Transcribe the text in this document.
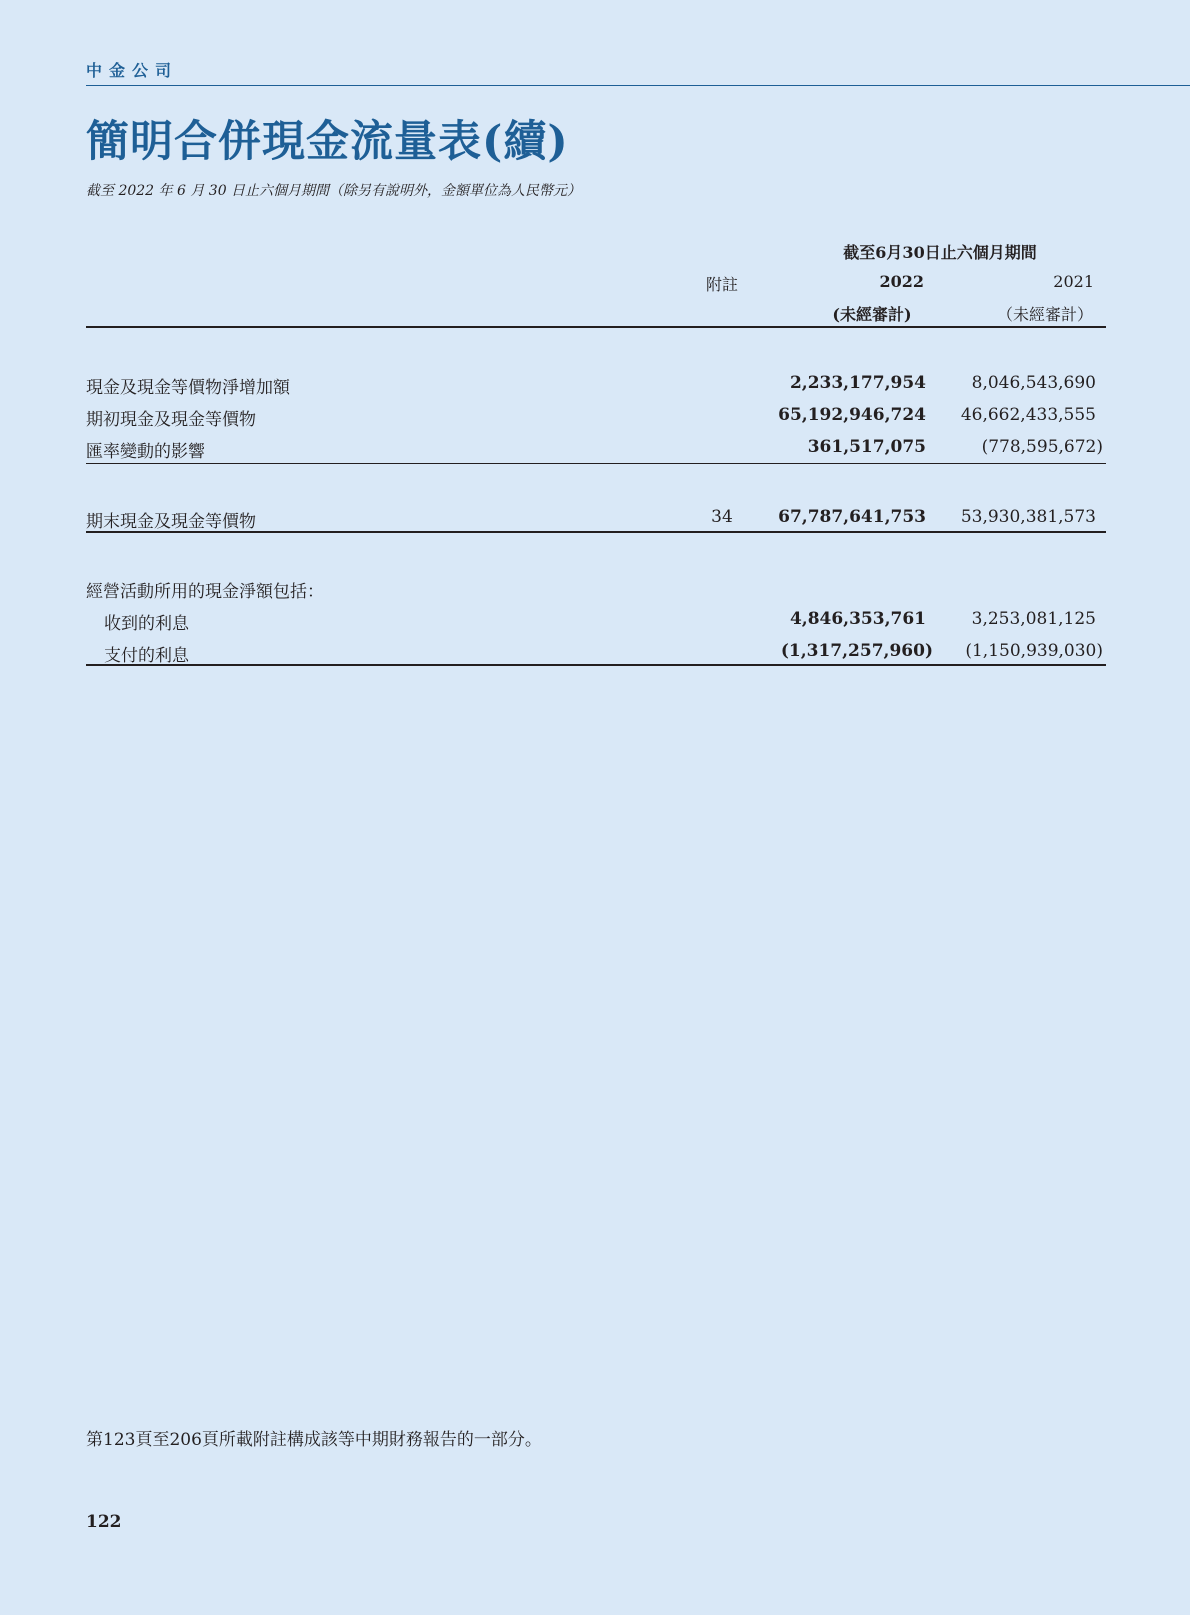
中金公司
簡明合併現金流量表(續)
截至 2022 年 6 月 30 日止六個月期間（除另有說明外，金額單位為人民幣元）
截至6月30日止六個月期間
附註	2022	2021
(未經審計)	（未經審計）
現金及現金等價物淨增加額	2,233,177,954	8,046,543,690
期初現金及現金等價物	65,192,946,724 46,662,433,555
匯率變動的影響	361,517,075	(778,595,672)
期末現金及現金等價物	34	67,787,641,753 53,930,381,573
經營活動所用的現金淨額包括：
收到的利息	4,846,353,761	3,253,081,125
支付的利息	(1,317,257,960) (1,150,939,030)
第123頁至206頁所載附註構成該等中期財務報告的一部分。
122
